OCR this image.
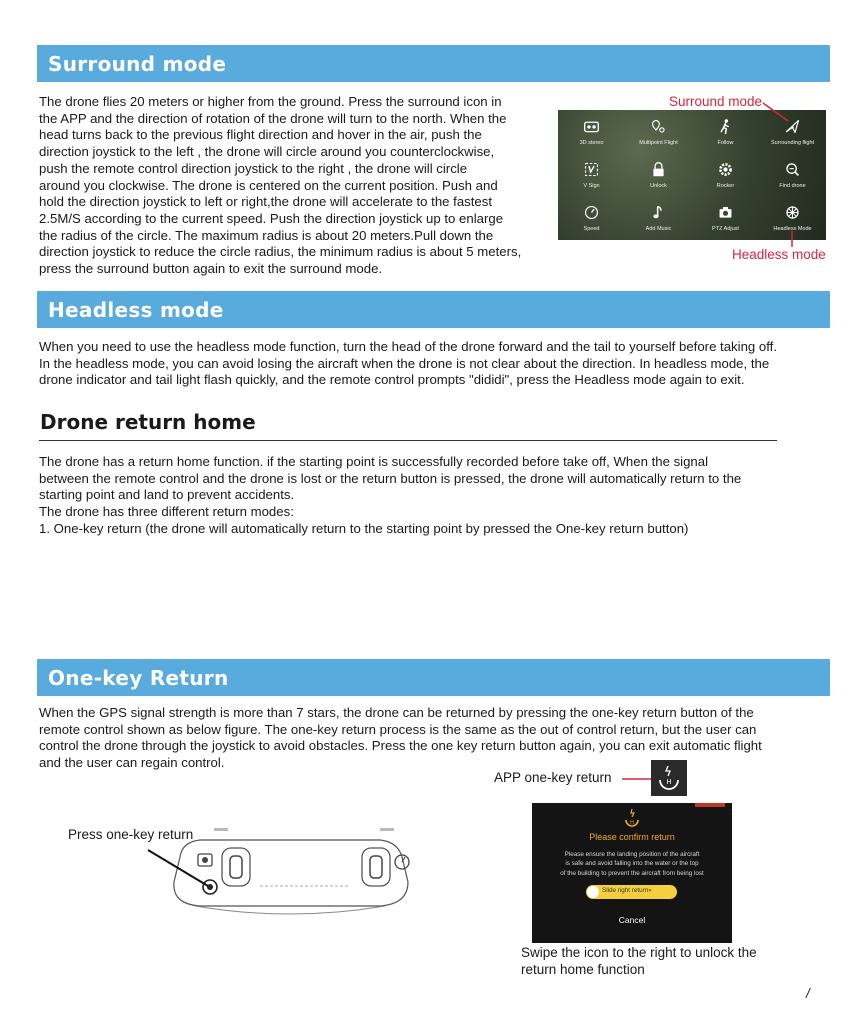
Surround mode
The drone flies 20 meters or higher from the ground. Press the surround icon in
the APP and the direction of rotation of the drone will turn to the north. When the
head turns back to the previous flight direction and hover in the air, push the
direction joystick to the left , the drone will circle around you counterclockwise,
push the remote control direction joystick to the right , the drone will circle
around you clockwise. The drone is centered on the current position. Push and
hold the direction joystick to left or right,the drone will accelerate to the fastest
2.5M/S according to the current speed. Push the direction joystick up to enlarge
the radius of the circle. The maximum radius is about 20 meters.Pull down the
direction joystick to reduce the circle radius, the minimum radius is about 5 meters,
press the surround button again to exit the surround mode.
Surround mode
Headless mode
3D stereo	Multipoint Flight	Follow	Surrounding flight
V Sign	Unlock	Rocker	Find drone
Speed	Add Music	PTZ Adjust	Headless Mode
Headless mode
When you need to use the headless mode function, turn the head of the drone forward and the tail to yourself before taking off.
In the headless mode, you can avoid losing the aircraft when the drone is not clear about the direction. In headless mode, the
drone indicator and tail light flash quickly, and the remote control prompts "dididi", press the Headless mode again to exit.
Drone return home
The drone has a return home function. if the starting point is successfully recorded before take off, When the signal
between the remote control and the drone is lost or the return button is pressed, the drone will automatically return to the
starting point and land to prevent accidents.
The drone has three different return modes:
1. One-key return (the drone will automatically return to the starting point by pressed the One-key return button)
One-key Return
When the GPS signal strength is more than 7 stars, the drone can be returned by pressing the one-key return button of the
remote control shown as below figure. The one-key return process is the same as the out of control return, but the user can
control the drone through the joystick to avoid obstacles. Press the one key return button again, you can exit automatic flight
and the user can regain control.
APP one-key return	H
Press one-key return
H
Please confirm return
Please ensure the landing position of the aircraft
is safe and avoid falling into the water or the top
of the building to prevent the aircraft from being lost
Slide right return»
Cancel
Swipe the icon to the right to unlock the
return home function
/
